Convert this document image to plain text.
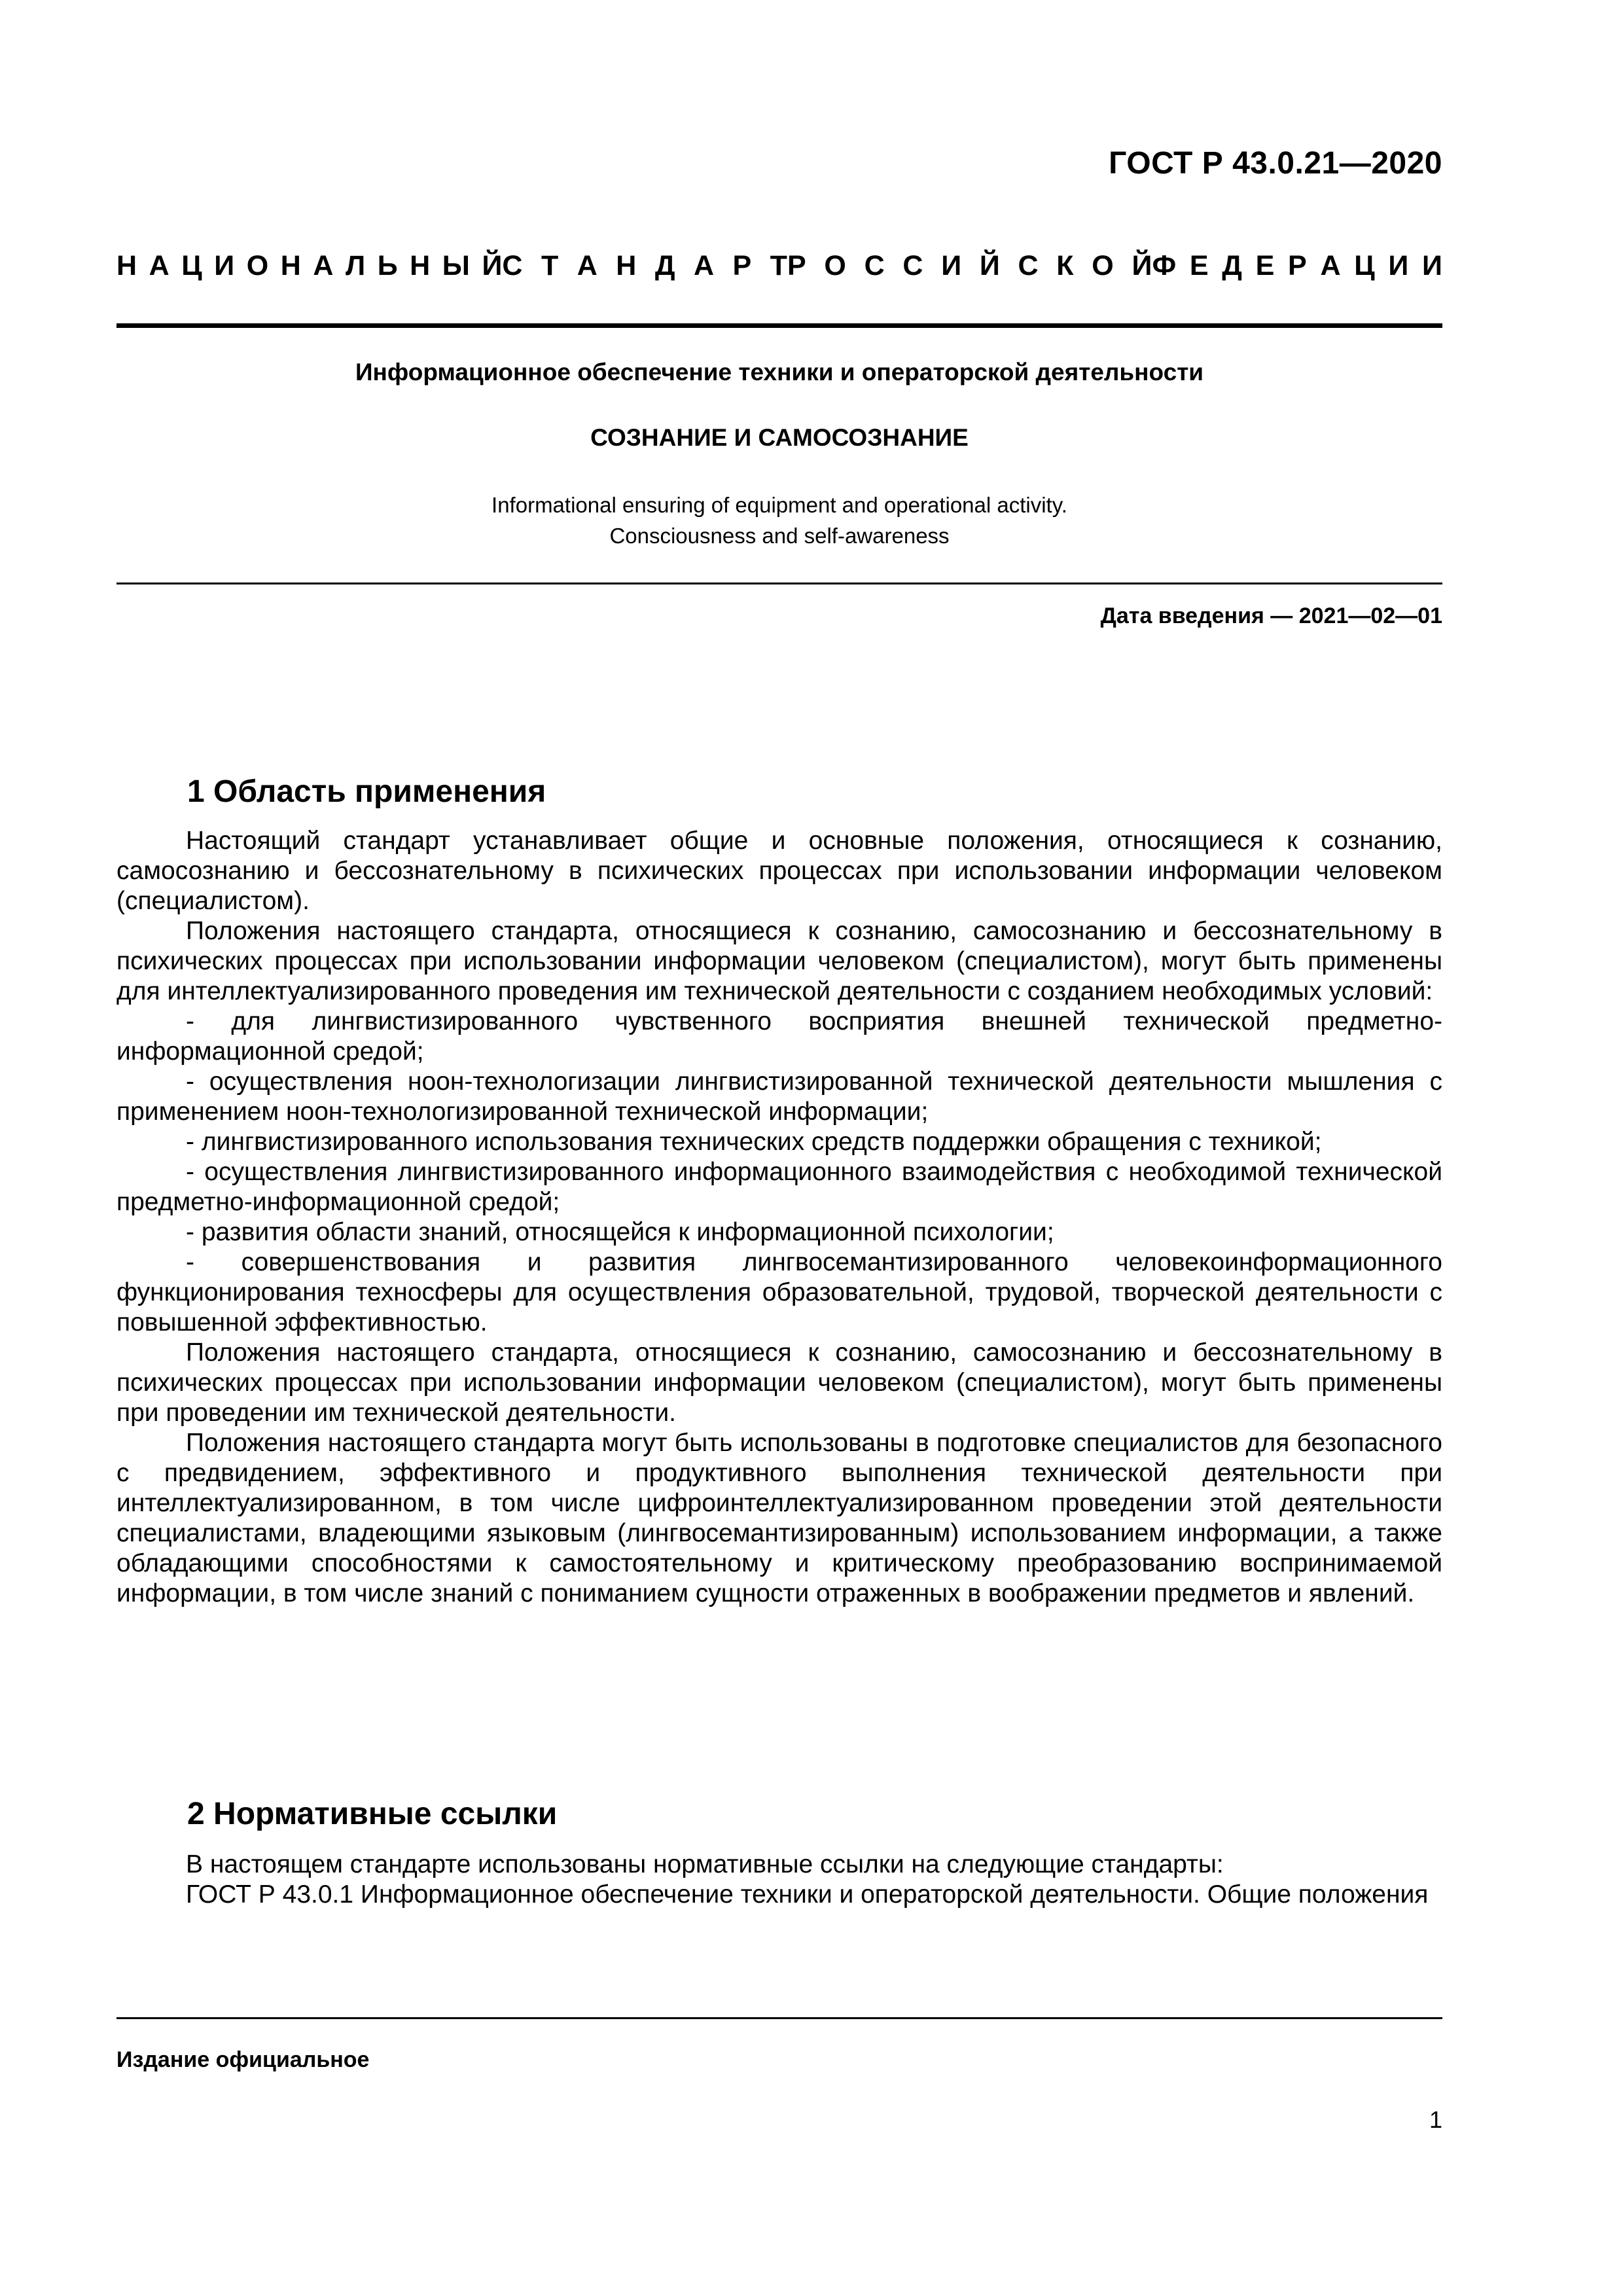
ГОСТ Р 43.0.21—2020
Н А Ц И О Н А Л Ь Н Ы Й С Т А Н Д А Р Т Р О С С И Й С К О Й Ф Е Д Е Р А Ц И И
Информационное обеспечение техники и операторской деятельности
СОЗНАНИЕ И САМОСОЗНАНИЕ
Informational ensuring of equipment and operational activity.
Consciousness and self-awareness
Дата введения — 2021—02—01
1 Область применения

Настоящий стандарт устанавливает общие и основные положения, относящиеся к сознанию, самосознанию и бессознательному в психических процессах при использовании информации человеком (специалистом).

Положения настоящего стандарта, относящиеся к сознанию, самосознанию и бессознательному в психических процессах при использовании информации человеком (специалистом), могут быть применены для интеллектуализированного проведения им технической деятельности с созданием необходимых условий:

- для лингвистизированного чувственного восприятия внешней технической предметно-информационной средой;

- осуществления ноон-технологизации лингвистизированной технической деятельности мышления с применением ноон-технологизированной технической информации;

- лингвистизированного использования технических средств поддержки обращения с техникой;

- осуществления лингвистизированного информационного взаимодействия с необходимой технической предметно-информационной средой;

- развития области знаний, относящейся к информационной психологии;

- совершенствования и развития лингвосемантизированного человекоинформационного функционирования техносферы для осуществления образовательной, трудовой, творческой деятельности с повышенной эффективностью.

Положения настоящего стандарта, относящиеся к сознанию, самосознанию и бессознательному в психических процессах при использовании информации человеком (специалистом), могут быть применены при проведении им технической деятельности.

Положения настоящего стандарта могут быть использованы в подготовке специалистов для безопасного с предвидением, эффективного и продуктивного выполнения технической деятельности при интеллектуализированном, в том числе цифроинтеллектуализированном проведении этой деятельности специалистами, владеющими языковым (лингвосемантизированным) использованием информации, а также обладающими способностями к самостоятельному и критическому преобразованию воспринимаемой информации, в том числе знаний с пониманием сущности отраженных в воображении предметов и явлений.

2 Нормативные ссылки

В настоящем стандарте использованы нормативные ссылки на следующие стандарты:

ГОСТ Р 43.0.1 Информационное обеспечение техники и операторской деятельности. Общие положения

Издание официальное
1
